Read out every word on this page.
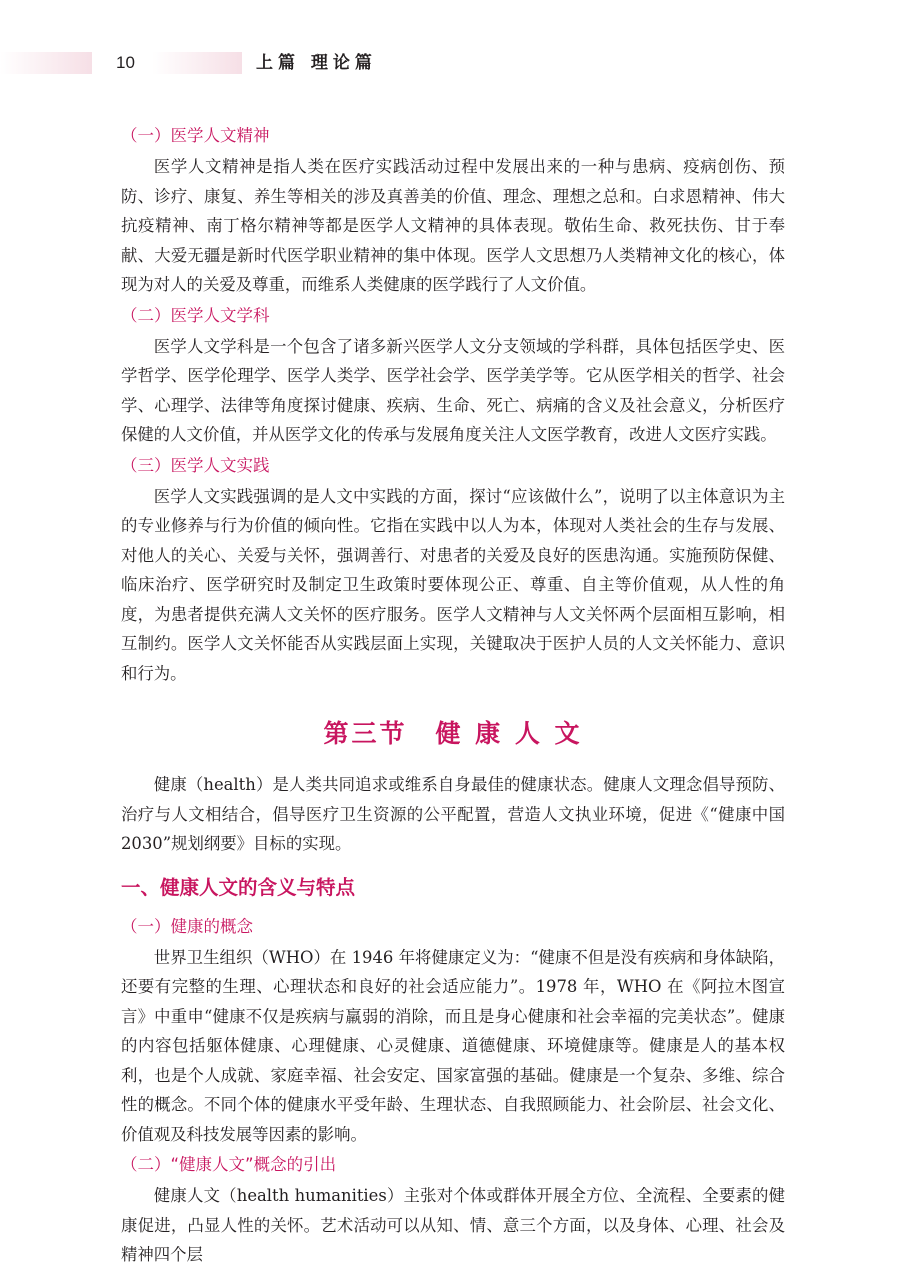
10	上篇 理论篇
（一）医学人文精神

医学人文精神是指人类在医疗实践活动过程中发展出来的一种与患病、疫病创伤、预防、诊疗、康复、养生等相关的涉及真善美的价值、理念、理想之总和。白求恩精神、伟大抗疫精神、南丁格尔精神等都是医学人文精神的具体表现。敬佑生命、救死扶伤、甘于奉献、大爱无疆是新时代医学职业精神的集中体现。医学人文思想乃人类精神文化的核心，体现为对人的关爱及尊重，而维系人类健康的医学践行了人文价值。

（二）医学人文学科

医学人文学科是一个包含了诸多新兴医学人文分支领域的学科群，具体包括医学史、医学哲学、医学伦理学、医学人类学、医学社会学、医学美学等。它从医学相关的哲学、社会学、心理学、法律等角度探讨健康、疾病、生命、死亡、病痛的含义及社会意义，分析医疗保健的人文价值，并从医学文化的传承与发展角度关注人文医学教育，改进人文医疗实践。

（三）医学人文实践

医学人文实践强调的是人文中实践的方面，探讨“应该做什么”，说明了以主体意识为主的专业修养与行为价值的倾向性。它指在实践中以人为本，体现对人类社会的生存与发展、对他人的关心、关爱与关怀，强调善行、对患者的关爱及良好的医患沟通。实施预防保健、临床治疗、医学研究时及制定卫生政策时要体现公正、尊重、自主等价值观，从人性的角度，为患者提供充满人文关怀的医疗服务。医学人文精神与人文关怀两个层面相互影响，相互制约。医学人文关怀能否从实践层面上实现，关键取决于医护人员的人文关怀能力、意识和行为。

第三节　健 康 人 文

健康（health）是人类共同追求或维系自身最佳的健康状态。健康人文理念倡导预防、治疗与人文相结合，倡导医疗卫生资源的公平配置，营造人文执业环境，促进《“健康中国2030”规划纲要》目标的实现。

一、健康人文的含义与特点
（一）健康的概念

世界卫生组织（WHO）在 1946 年将健康定义为：“健康不但是没有疾病和身体缺陷，还要有完整的生理、心理状态和良好的社会适应能力”。1978 年，WHO 在《阿拉木图宣言》中重申“健康不仅是疾病与羸弱的消除，而且是身心健康和社会幸福的完美状态”。健康的内容包括躯体健康、心理健康、心灵健康、道德健康、环境健康等。健康是人的基本权利，也是个人成就、家庭幸福、社会安定、国家富强的基础。健康是一个复杂、多维、综合性的概念。不同个体的健康水平受年龄、生理状态、自我照顾能力、社会阶层、社会文化、价值观及科技发展等因素的影响。

（二）“健康人文”概念的引出

健康人文（health humanities）主张对个体或群体开展全方位、全流程、全要素的健康促进，凸显人性的关怀。艺术活动可以从知、情、意三个方面，以及身体、心理、社会及精神四个层
